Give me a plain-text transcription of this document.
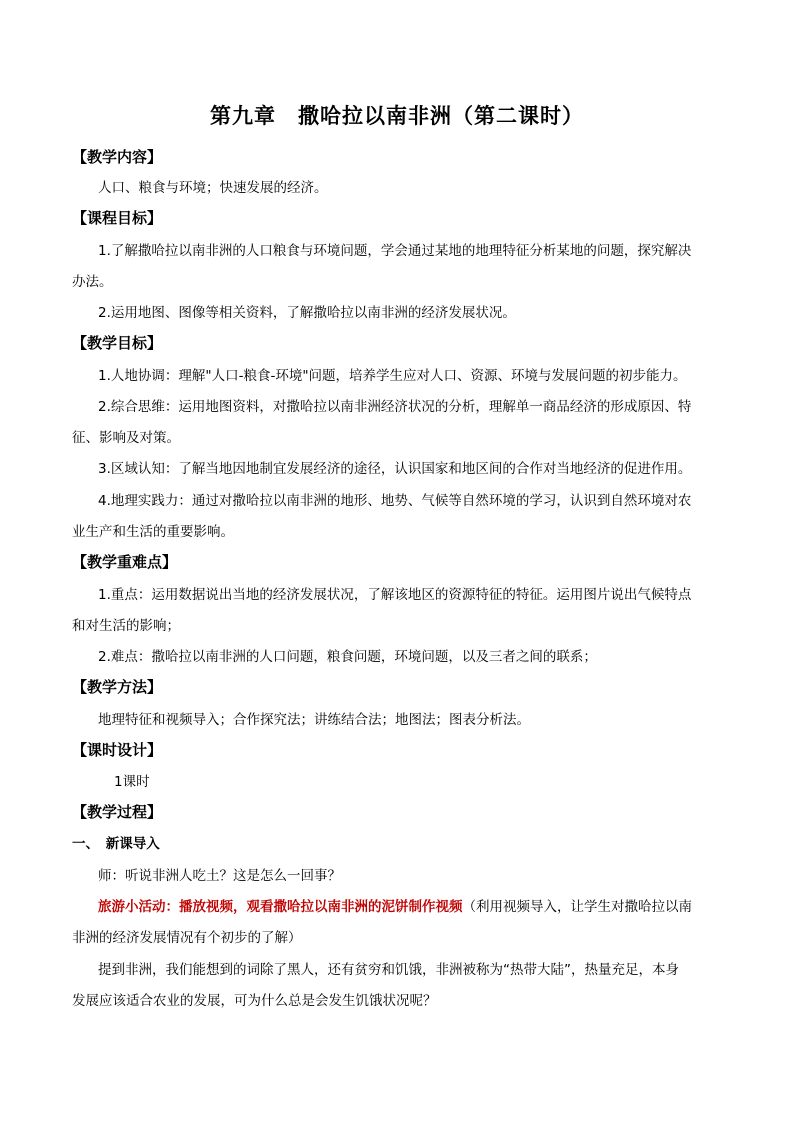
第九章　撒哈拉以南非洲（第二课时）
【教学内容】
人口、粮食与环境；快速发展的经济。
【课程目标】
1.了解撒哈拉以南非洲的人口粮食与环境问题，学会通过某地的地理特征分析某地的问题，探究解决
办法。
2.运用地图、图像等相关资料，了解撒哈拉以南非洲的经济发展状况。
【教学目标】
1.人地协调：理解"人口-粮食-环境"问题，培养学生应对人口、资源、环境与发展问题的初步能力。
2.综合思维：运用地图资料，对撒哈拉以南非洲经济状况的分析，理解单一商品经济的形成原因、特
征、影响及对策。
3.区域认知：了解当地因地制宜发展经济的途径，认识国家和地区间的合作对当地经济的促进作用。
4.地理实践力：通过对撒哈拉以南非洲的地形、地势、气候等自然环境的学习，认识到自然环境对农
业生产和生活的重要影响。
【教学重难点】
1.重点：运用数据说出当地的经济发展状况，了解该地区的资源特征的特征。运用图片说出气候特点
和对生活的影响；
2.难点：撒哈拉以南非洲的人口问题，粮食问题，环境问题，以及三者之间的联系；
【教学方法】
地理特征和视频导入；合作探究法；讲练结合法；地图法；图表分析法。
【课时设计】
1课时
【教学过程】
一、　新课导入
师：听说非洲人吃土？这是怎么一回事？
旅游小活动：播放视频，观看撒哈拉以南非洲的泥饼制作视频（利用视频导入，让学生对撒哈拉以南
非洲的经济发展情况有个初步的了解）
提到非洲，我们能想到的词除了黑人，还有贫穷和饥饿，非洲被称为“热带大陆”，热量充足，本身
发展应该适合农业的发展，可为什么总是会发生饥饿状况呢？
